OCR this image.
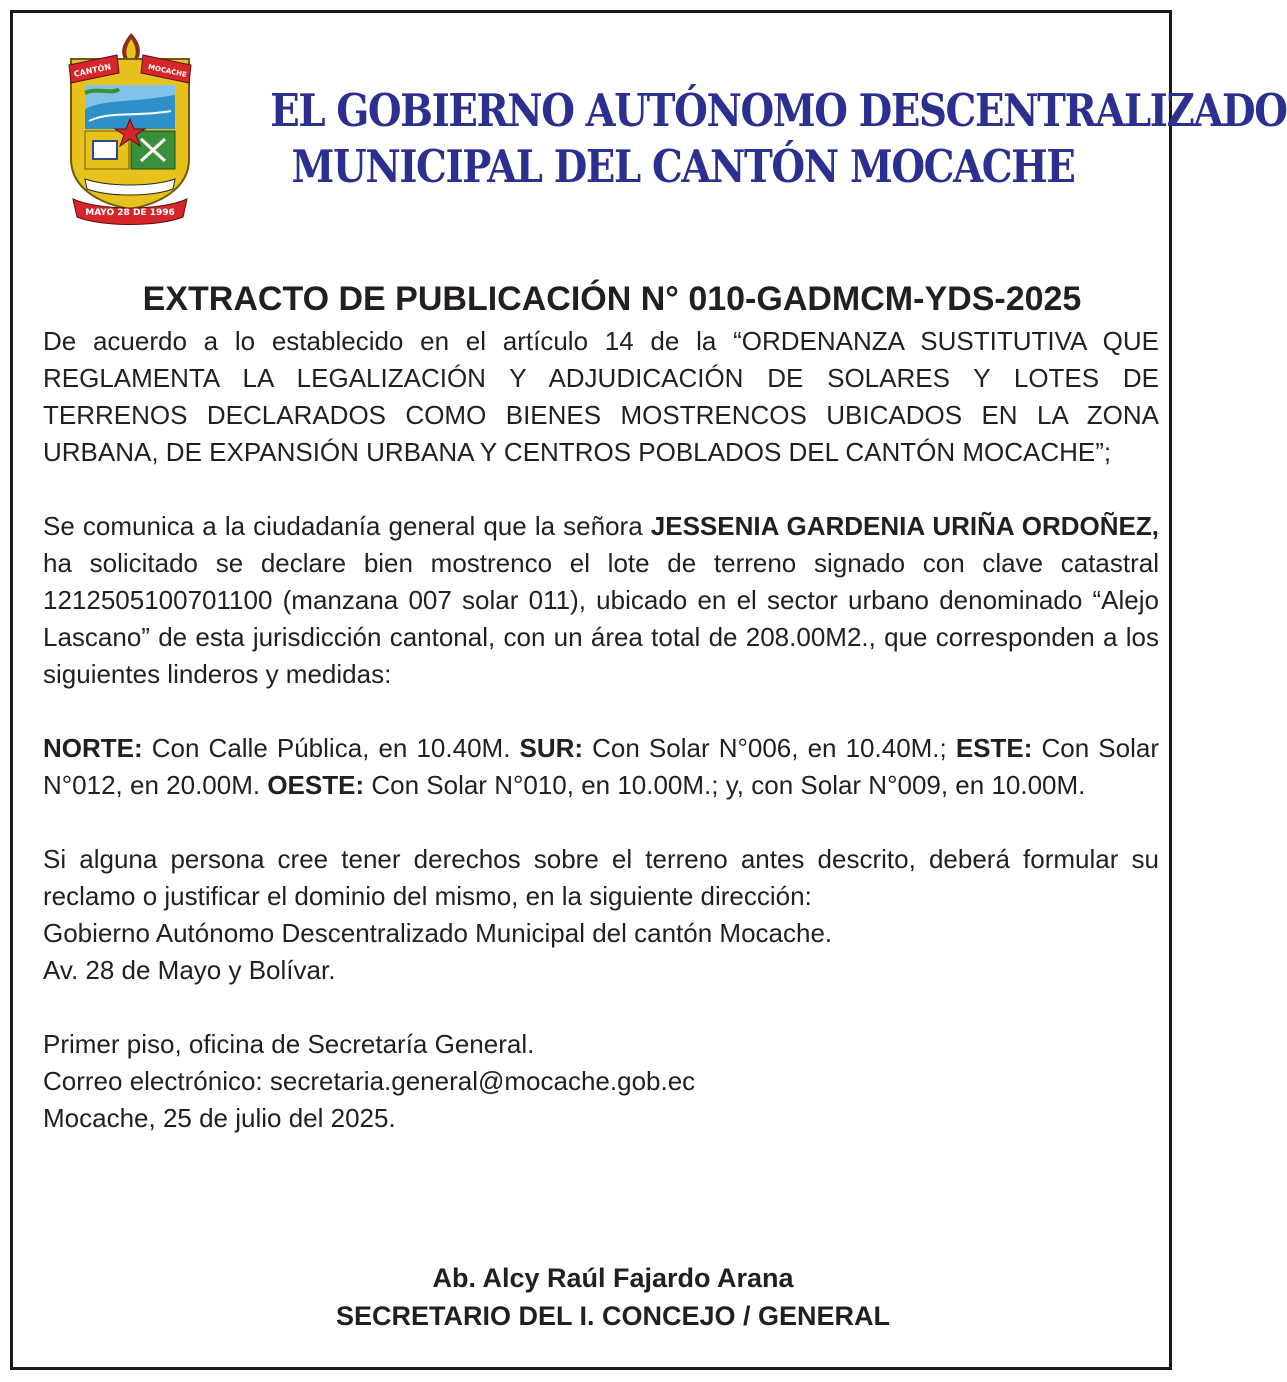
CANTÓN	MOCACHE
MAYO 28 DE 1996
EL GOBIERNO AUTÓNOMO DESCENTRALIZADO
MUNICIPAL DEL CANTÓN MOCACHE
EXTRACTO DE PUBLICACIÓN N° 010-GADMCM-YDS-2025

De acuerdo a lo establecido en el artículo 14 de la “ORDENANZA SUSTITUTIVA QUE REGLAMENTA LA LEGALIZACIÓN Y ADJUDICACIÓN DE SOLARES Y LOTES DE TERRENOS DECLARADOS COMO BIENES MOSTRENCOS UBICADOS EN LA ZONA URBANA, DE EXPANSIÓN URBANA Y CENTROS POBLADOS DEL CANTÓN MOCACHE”;

Se comunica a la ciudadanía general que la señora JESSENIA GARDENIA URIÑA ORDOÑEZ, ha solicitado se declare bien mostrenco el lote de terreno signado con clave catastral 1212505100701100 (manzana 007 solar 011), ubicado en el sector urbano denominado “Alejo Lascano” de esta jurisdicción cantonal, con un área total de 208.00M2., que corresponden a los siguientes linderos y medidas:

NORTE: Con Calle Pública, en 10.40M. SUR: Con Solar N°006, en 10.40M.; ESTE: Con Solar N°012, en 20.00M. OESTE: Con Solar N°010, en 10.00M.; y, con Solar N°009, en 10.00M.

Si alguna persona cree tener derechos sobre el terreno antes descrito, deberá formular su reclamo o justificar el dominio del mismo, en la siguiente dirección:

Gobierno Autónomo Descentralizado Municipal del cantón Mocache.

Av. 28 de Mayo y Bolívar.

Primer piso, oficina de Secretaría General.

Correo electrónico: secretaria.general@mocache.gob.ec

Mocache, 25 de julio del 2025.

Ab. Alcy Raúl Fajardo Arana
SECRETARIO DEL I. CONCEJO / GENERAL
